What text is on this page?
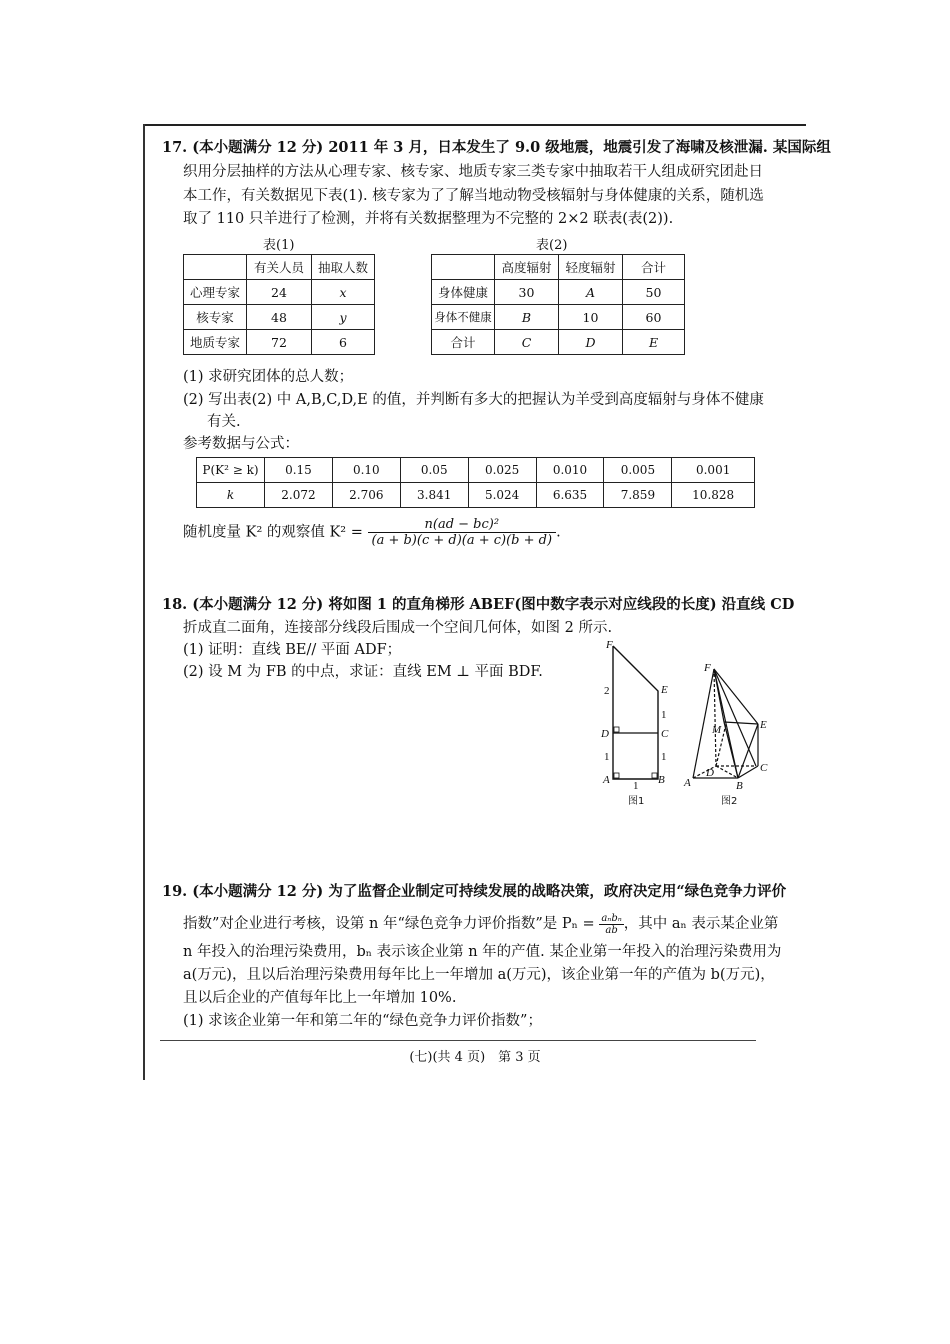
17. (本小题满分 12 分) 2011 年 3 月，日本发生了 9.0 级地震，地震引发了海啸及核泄漏. 某国际组
织用分层抽样的方法从心理专家、核专家、地质专家三类专家中抽取若干人组成研究团赴日
本工作，有关数据见下表(1). 核专家为了了解当地动物受核辐射与身体健康的关系，随机选
取了 110 只羊进行了检测，并将有关数据整理为不完整的 2×2 联表(表(2)).
表(1)
	有关人员	抽取人数
心理专家	24	x
核专家	48	y
地质专家	72	6
表(2)
	高度辐射	轻度辐射	合计
身体健康	30	A	50
身体不健康	B	10	60
合计	C	D	E
(1) 求研究团体的总人数；
(2) 写出表(2) 中 A,B,C,D,E 的值，并判断有多大的把握认为羊受到高度辐射与身体不健康
有关.
参考数据与公式：
P(K² ≥ k)	0.15	0.10	0.05	0.025	0.010	0.005	0.001
k	2.072	2.706	3.841	5.024	6.635	7.859	10.828
随机度量 K² 的观察值 $K^2 = \frac{\text{n(ad − bc)²}}{(a + b)(c + d)(a + c)(b + d)}$ .
18. (本小题满分 12 分) 将如图 1 的直角梯形 ABEF(图中数字表示对应线段的长度) 沿直线 CD
折成直二面角，连接部分线段后围成一个空间几何体，如图 2 所示.
(1) 证明：直线 BE// 平面 ADF；
(2) 设 M 为 FB 的中点，求证：直线 EM ⊥ 平面 BDF.
F
E
D	C
A	B
2
1
1	1
1
图1
F
M	E
D	C
A	B
图2
19. (本小题满分 12 分) 为了监督企业制定可持续发展的战略决策，政府决定用“绿色竞争力评价
指数”对企业进行考核，设第 n 年“绿色竞争力评价指数”是 $P_n = \frac{\text{aₙbₙ}}{ab}$ ，其中 aₙ 表示某企业第
n 年投入的治理污染费用，bₙ 表示该企业第 n 年的产值. 某企业第一年投入的治理污染费用为
a(万元)，且以后治理污染费用每年比上一年增加 a(万元)，该企业第一年的产值为 b(万元)，
且以后企业的产值每年比上一年增加 10%.
(1) 求该企业第一年和第二年的“绿色竞争力评价指数”；
(七)(共 4 页)　第 3 页
